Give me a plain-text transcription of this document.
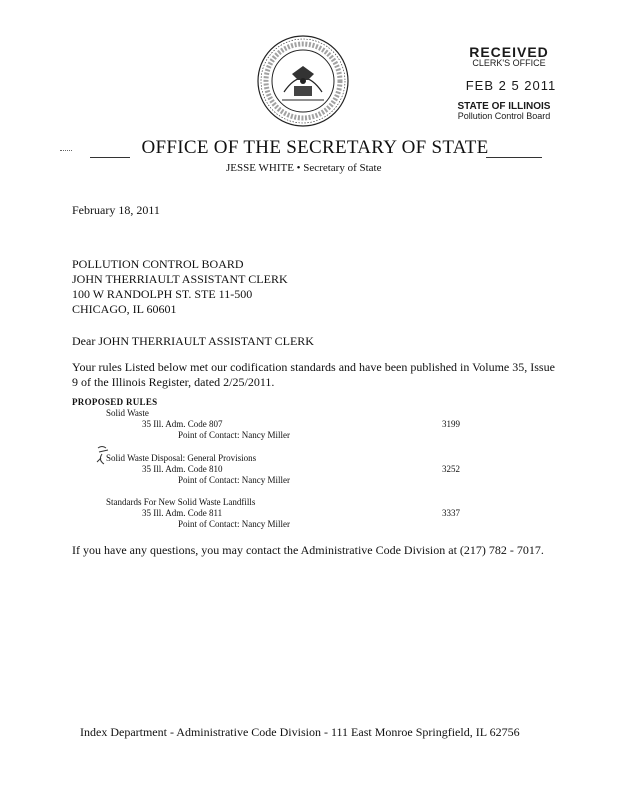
RECEIVED
CLERK'S OFFICE
FEB 2 5 2011
STATE OF ILLINOIS
Pollution Control Board
OFFICE OF THE SECRETARY OF STATE
JESSE WHITE • Secretary of State
February 18, 2011
POLLUTION CONTROL BOARD
JOHN THERRIAULT ASSISTANT CLERK
100 W RANDOLPH ST. STE 11-500
CHICAGO, IL 60601
Dear JOHN THERRIAULT ASSISTANT CLERK
Your rules Listed below met our codification standards and have been published in Volume 35, Issue 9 of the Illinois Register, dated 2/25/2011.
PROPOSED RULES
Solid Waste
35 Ill. Adm. Code 807	3199
Point of Contact: Nancy Miller
Solid Waste Disposal: General Provisions
35 Ill. Adm. Code 810	3252
Point of Contact: Nancy Miller
Standards For New Solid Waste Landfills
35 Ill. Adm. Code 811	3337
Point of Contact: Nancy Miller
If you have any questions, you may contact the Administrative Code Division at (217) 782 - 7017.
Index Department - Administrative Code Division - 111 East Monroe Springfield, IL 62756
